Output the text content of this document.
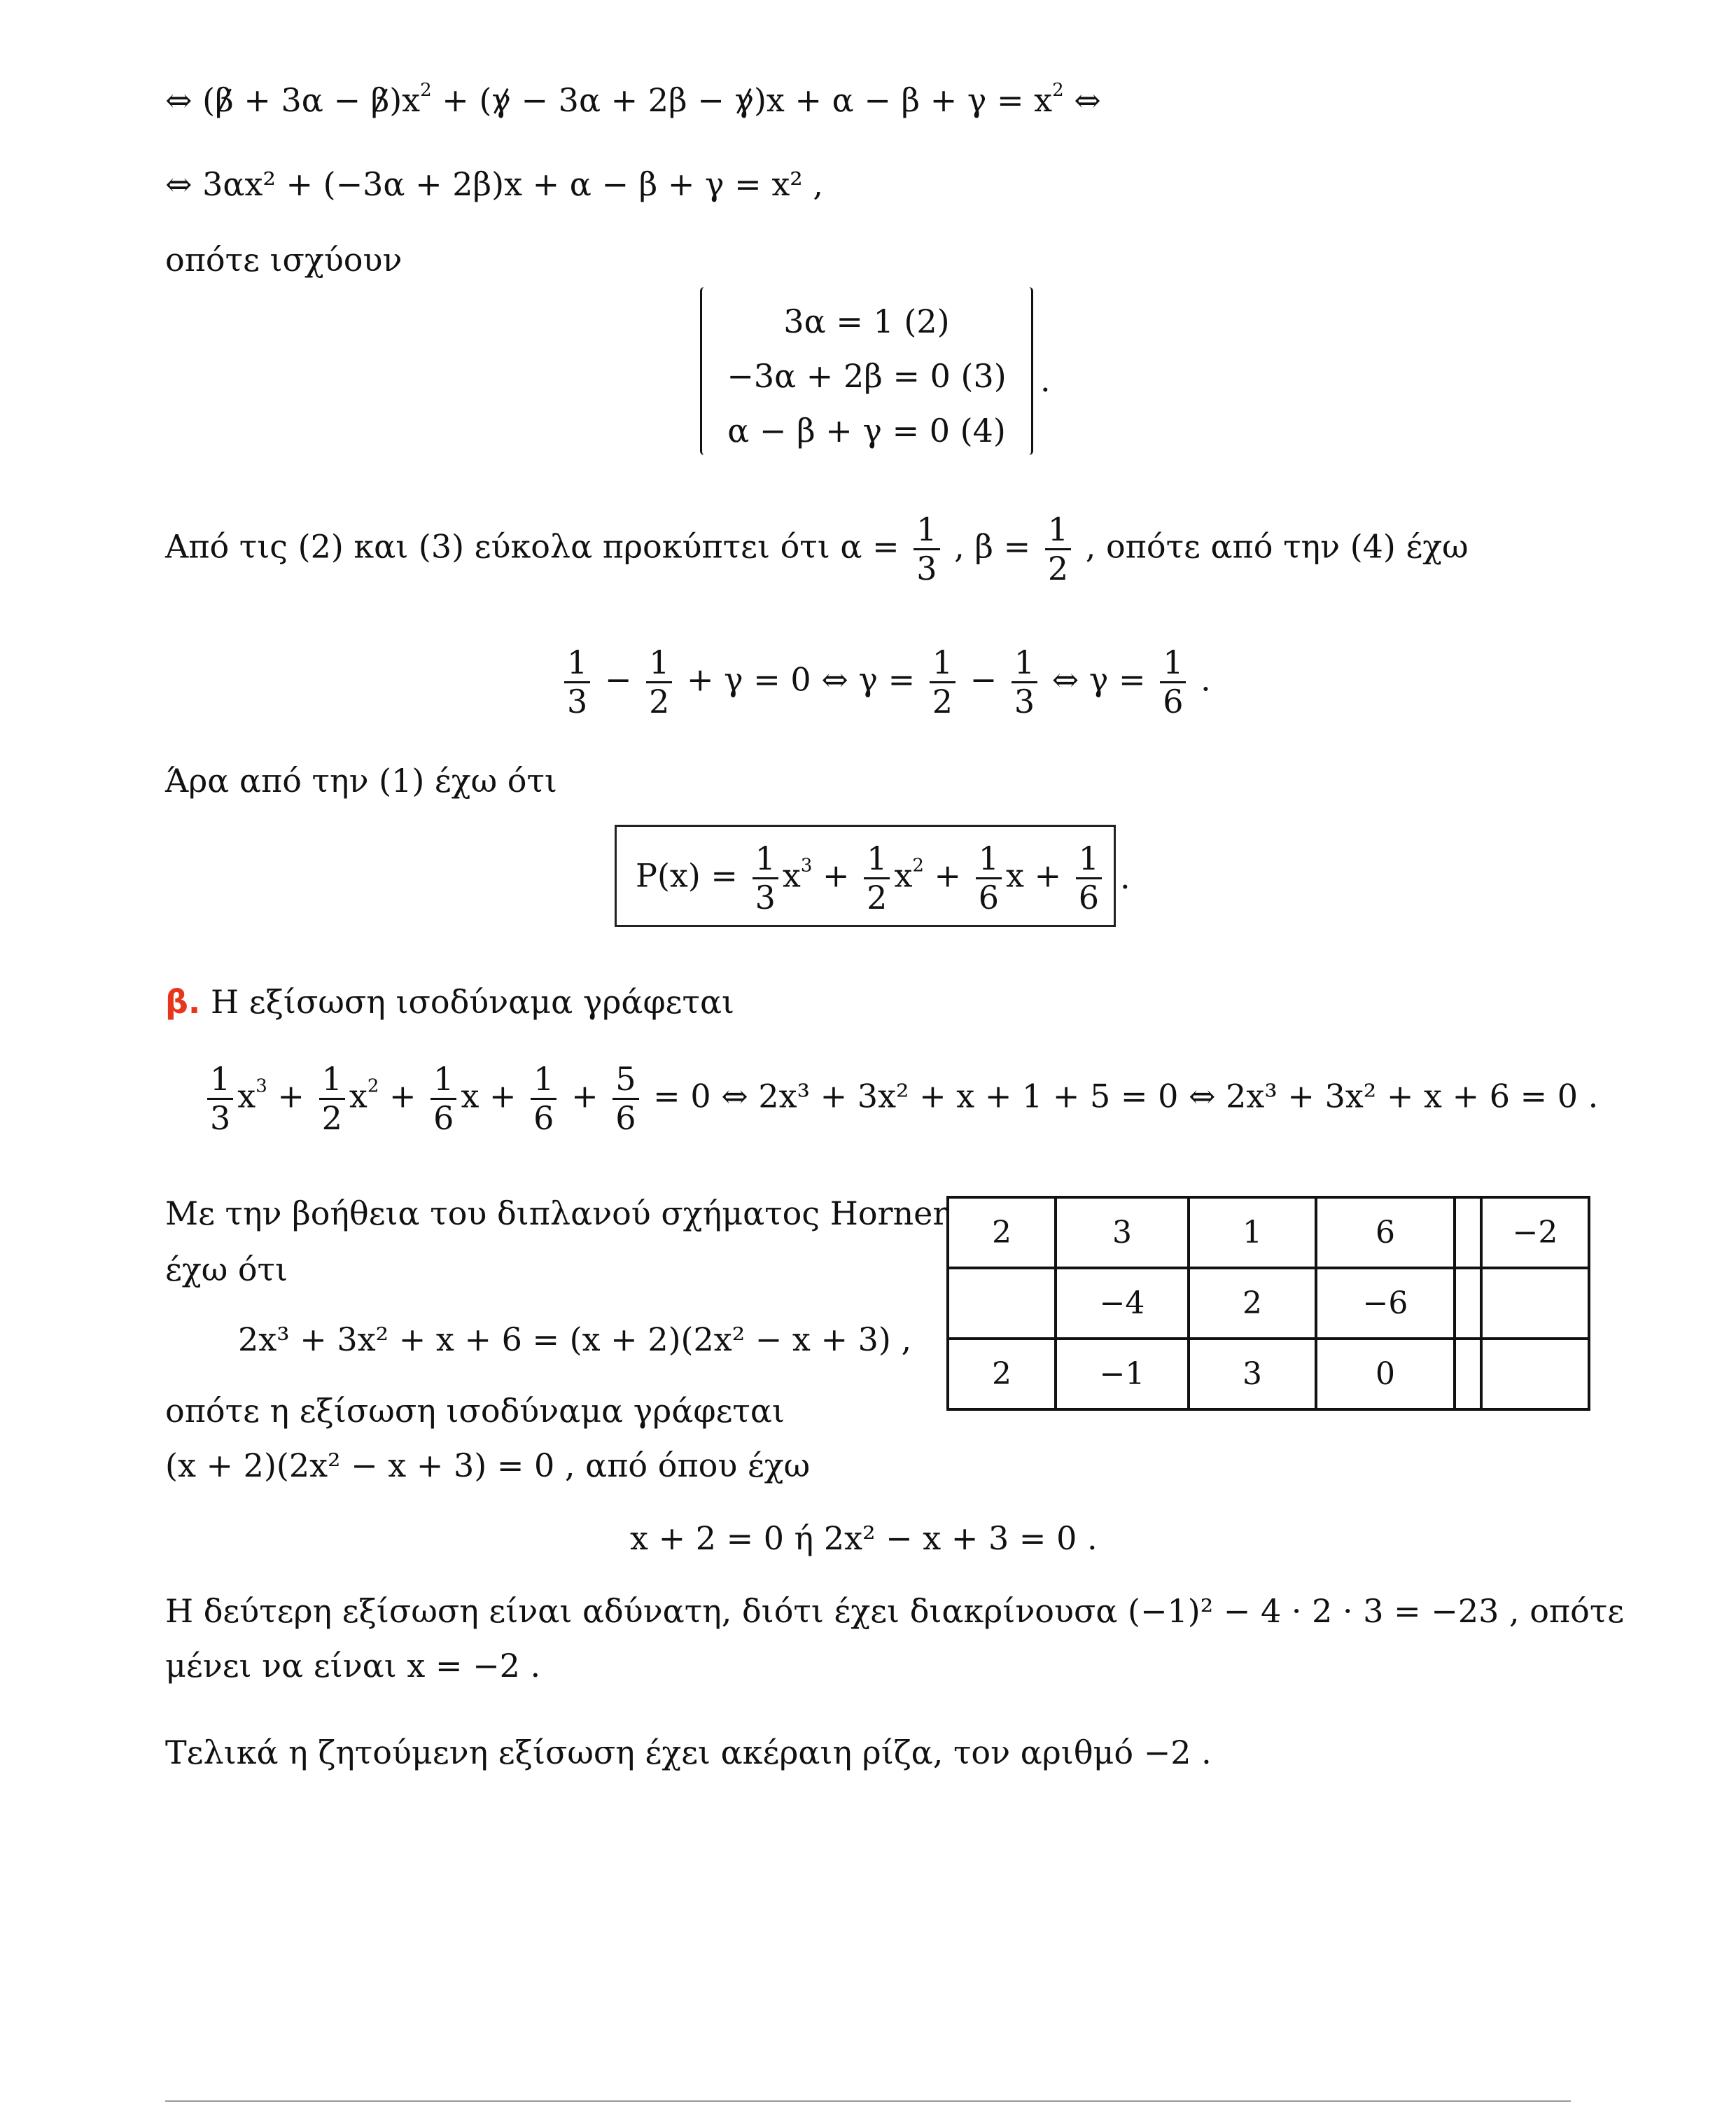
⇔ $(\beta + 3\alpha - \beta)x^2 + (\gamma - 3\alpha + 2\beta - \gamma)x + \alpha - \beta + \gamma = x^2$ ⇔
⇔ 3αx² + (−3α + 2β)x + α − β + γ = x² ,
οπότε ισχύουν
3α = 1 (2)
−3α + 2β = 0 (3)
α − β + γ = 0 (4)
.
Από τις (2) και (3) εύκολα προκύπτει ότι $\alpha = \frac{1}{3}$ , $\beta = \frac{1}{2}$ , οπότε από την (4) έχω
$\frac{1}{3} - \frac{1}{2} + \gamma = 0$ ⇔ $\gamma = \frac{1}{2} - \frac{1}{3}$ ⇔ $\gamma = \frac{1}{6}$ .
Άρα από την (1) έχω ότι
$P(x) = \frac{1}{3} x^3 + \frac{1}{2} x^2 + \frac{1}{6}$ $x + \frac{1}{6}$ .
β. Η εξίσωση ισοδύναμα γράφεται
$\frac{1}{3} x^3 + \frac{1}{2} x^2 + \frac{1}{6}$ $x + \frac{1}{6} + \frac{5}{6} = 0$ ⇔ 2x³ + 3x² + x + 1 + 5 = 0 ⇔ 2x³ + 3x² + x + 6 = 0 .
Με την βοήθεια του διπλανού σχήματος Horner
έχω ότι
2	3	1	6		−2
	−4	2	−6		
2	−1	3	0		
2x³ + 3x² + x + 6 = (x + 2)(2x² − x + 3) ,
οπότε η εξίσωση ισοδύναμα γράφεται
(x + 2)(2x² − x + 3) = 0 , από όπου έχω
x + 2 = 0 ή 2x² − x + 3 = 0 .
Η δεύτερη εξίσωση είναι αδύνατη, διότι έχει διακρίνουσα (−1)² − 4 · 2 · 3 = −23 , οπότε
μένει να είναι x = −2 .
Τελικά η ζητούμενη εξίσωση έχει ακέραιη ρίζα, τον αριθμό −2 .
